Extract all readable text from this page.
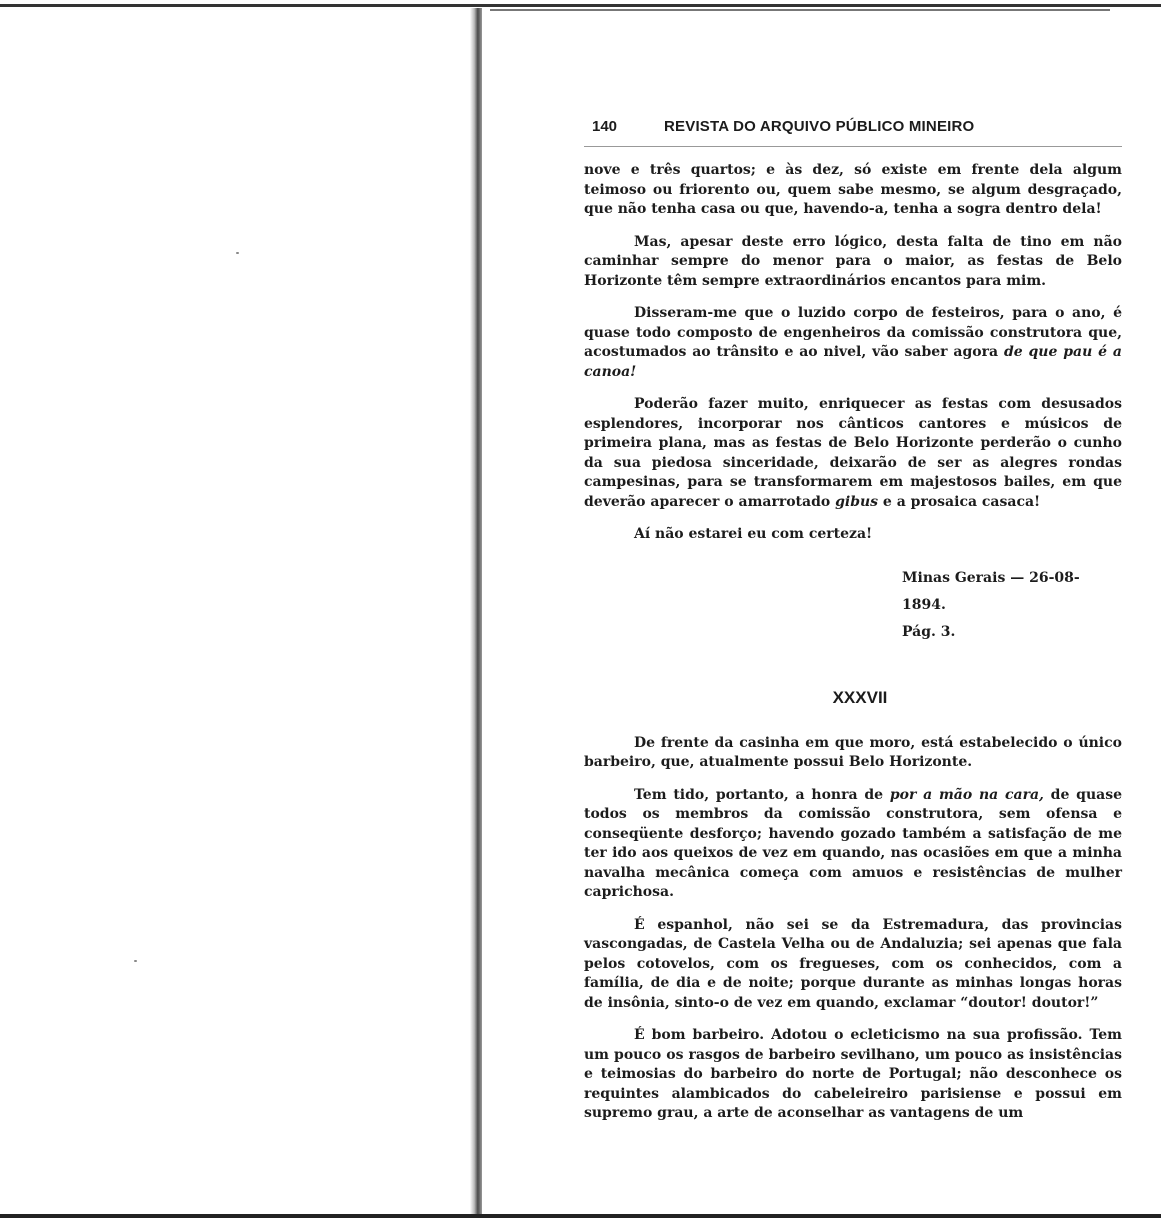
140	REVISTA DO ARQUIVO PÚBLICO MINEIRO

nove e três quartos; e às dez, só existe em frente dela algum teimoso ou friorento ou, quem sabe mesmo, se algum desgraçado, que não tenha casa ou que, havendo-a, tenha a sogra dentro dela!

Mas, apesar deste erro lógico, desta falta de tino em não caminhar sempre do menor para o maior, as festas de Belo Horizonte têm sempre extraordinários encantos para mim.

Disseram-me que o luzido corpo de festeiros, para o ano, é quase todo composto de engenheiros da comissão construtora que, acostumados ao trânsito e ao nivel, vão saber agora de que pau é a canoa!

Poderão fazer muito, enriquecer as festas com desusados esplendores, incorporar nos cânticos cantores e músicos de primeira plana, mas as festas de Belo Horizonte perderão o cunho da sua piedosa sinceridade, deixarão de ser as alegres rondas campesinas, para se transformarem em majestosos bailes, em que deverão aparecer o amarrotado gibus e a prosaica casaca!

Aí não estarei eu com certeza!

Minas Gerais — 26-08-1894.
Pág. 3.
XXXVII

De frente da casinha em que moro, está estabelecido o único barbeiro, que, atualmente possui Belo Horizonte.

Tem tido, portanto, a honra de por a mão na cara, de quase todos os membros da comissão construtora, sem ofensa e conseqüente desforço; havendo gozado também a satisfação de me ter ido aos queixos de vez em quando, nas ocasiões em que a minha navalha mecânica começa com amuos e resistências de mulher caprichosa.

É espanhol, não sei se da Estremadura, das provincias vascongadas, de Castela Velha ou de Andaluzia; sei apenas que fala pelos cotovelos, com os fregueses, com os conhecidos, com a família, de dia e de noite; porque durante as minhas longas horas de insônia, sinto-o de vez em quando, exclamar “doutor! doutor!”

É bom barbeiro. Adotou o ecleticismo na sua profissão. Tem um pouco os rasgos de barbeiro sevilhano, um pouco as insistências e teimosias do barbeiro do norte de Portugal; não desconhece os requintes alambicados do cabeleireiro parisiense e possui em supremo grau, a arte de aconselhar as vantagens de um
